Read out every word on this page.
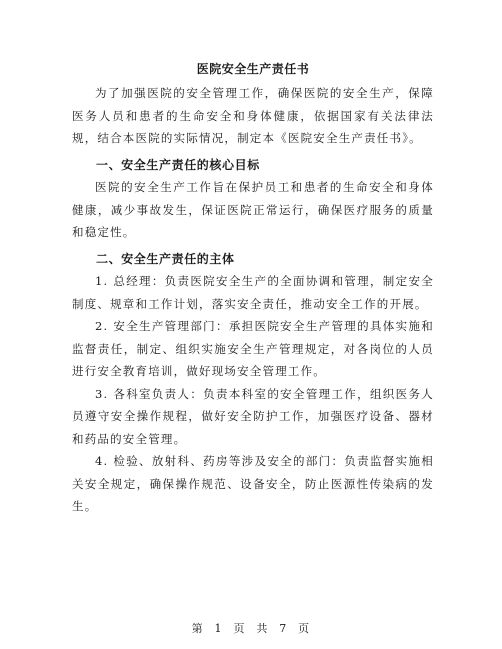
医院安全生产责任书

为了加强医院的安全管理工作，确保医院的安全生产，保障医务人员和患者的生命安全和身体健康，依据国家有关法律法规，结合本医院的实际情况，制定本《医院安全生产责任书》。

一、安全生产责任的核心目标

医院的安全生产工作旨在保护员工和患者的生命安全和身体健康，减少事故发生，保证医院正常运行，确保医疗服务的质量和稳定性。

二、安全生产责任的主体

1. 总经理：负责医院安全生产的全面协调和管理，制定安全制度、规章和工作计划，落实安全责任，推动安全工作的开展。

2. 安全生产管理部门：承担医院安全生产管理的具体实施和监督责任，制定、组织实施安全生产管理规定，对各岗位的人员进行安全教育培训，做好现场安全管理工作。

3. 各科室负责人：负责本科室的安全管理工作，组织医务人员遵守安全操作规程，做好安全防护工作，加强医疗设备、器材和药品的安全管理。

4. 检验、放射科、药房等涉及安全的部门：负责监督实施相关安全规定，确保操作规范、设备安全，防止医源性传染病的发生。

第 1 页 共 7 页
